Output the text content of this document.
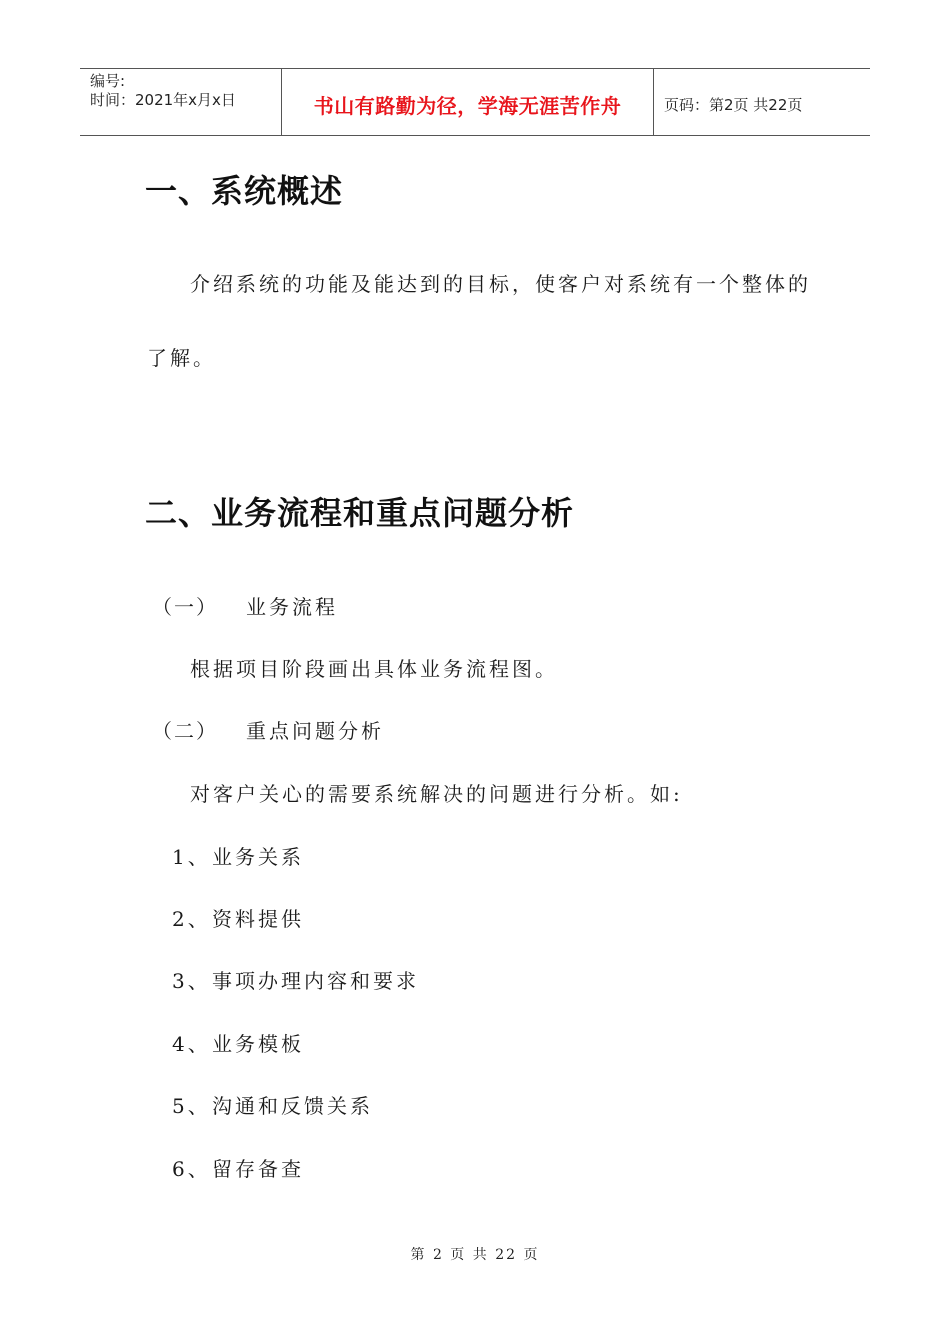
编号:
时间：2021年x月x日	书山有路勤为径，学海无涯苦作舟	页码：第2页 共22页
一、系统概述
介绍系统的功能及能达到的目标，使客户对系统有一个整体的
了解。
二、业务流程和重点问题分析
（一） 业务流程
根据项目阶段画出具体业务流程图。
（二） 重点问题分析
对客户关心的需要系统解决的问题进行分析。如:
1、业务关系
2、资料提供
3、事项办理内容和要求
4、业务模板
5、沟通和反馈关系
6、留存备查
第 2 页 共 22 页
